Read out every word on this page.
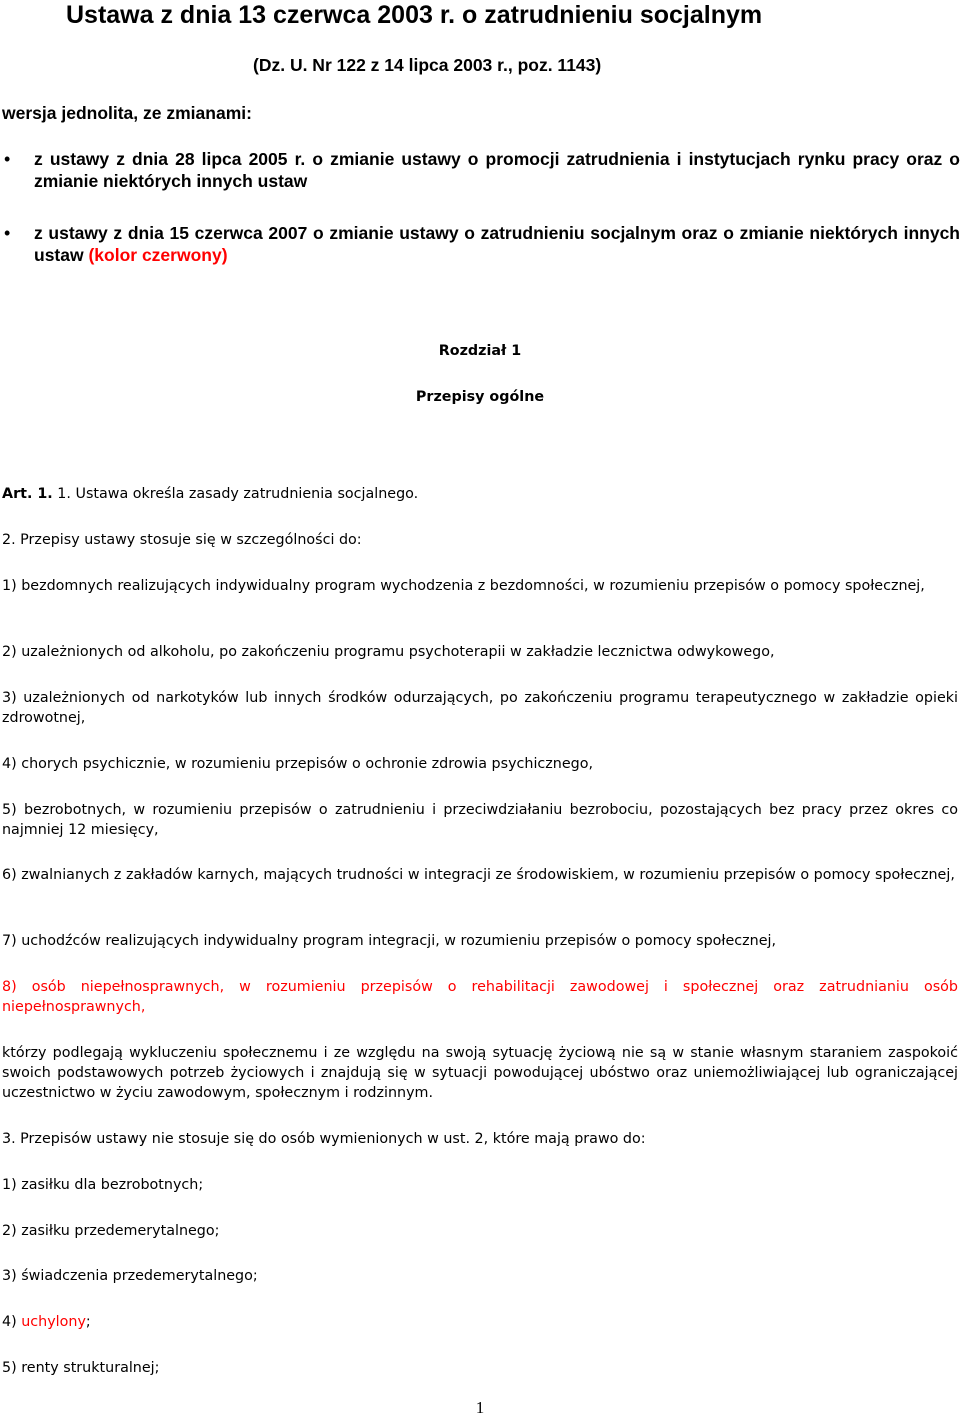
Ustawa z dnia 13 czerwca 2003 r. o zatrudnieniu socjalnym
(Dz. U. Nr 122 z 14 lipca 2003 r., poz. 1143)
wersja jednolita, ze zmianami:
• z ustawy z dnia 28 lipca 2005 r. o zmianie ustawy o promocji zatrudnienia i instytucjach rynku pracy oraz o zmianie niektórych innych ustaw
• z ustawy z dnia 15 czerwca 2007 o zmianie ustawy o zatrudnieniu socjalnym oraz o zmianie niektórych innych ustaw (kolor czerwony)
Rozdział 1
Przepisy ogólne

Art. 1. 1. Ustawa określa zasady zatrudnienia socjalnego.

2. Przepisy ustawy stosuje się w szczególności do:

1) bezdomnych realizujących indywidualny program wychodzenia z bezdomności, w rozumieniu przepisów o pomocy społecznej,

2) uzależnionych od alkoholu, po zakończeniu programu psychoterapii w zakładzie lecznictwa odwykowego,

3) uzależnionych od narkotyków lub innych środków odurzających, po zakończeniu programu terapeutycznego w zakładzie opieki zdrowotnej,

4) chorych psychicznie, w rozumieniu przepisów o ochronie zdrowia psychicznego,

5) bezrobotnych, w rozumieniu przepisów o zatrudnieniu i przeciwdziałaniu bezrobociu, pozostających bez pracy przez okres co najmniej 12 miesięcy,

6) zwalnianych z zakładów karnych, mających trudności w integracji ze środowiskiem, w rozumieniu przepisów o pomocy społecznej,

7) uchodźców realizujących indywidualny program integracji, w rozumieniu przepisów o pomocy społecznej,

8) osób niepełnosprawnych, w rozumieniu przepisów o rehabilitacji zawodowej i społecznej oraz zatrudnianiu osób niepełnosprawnych,

którzy podlegają wykluczeniu społecznemu i ze względu na swoją sytuację życiową nie są w stanie własnym staraniem zaspokoić swoich podstawowych potrzeb życiowych i znajdują się w sytuacji powodującej ubóstwo oraz uniemożliwiającej lub ograniczającej uczestnictwo w życiu zawodowym, społecznym i rodzinnym.

3. Przepisów ustawy nie stosuje się do osób wymienionych w ust. 2, które mają prawo do:

1) zasiłku dla bezrobotnych;

2) zasiłku przedemerytalnego;

3) świadczenia przedemerytalnego;

4) uchylony;

5) renty strukturalnej;

1
